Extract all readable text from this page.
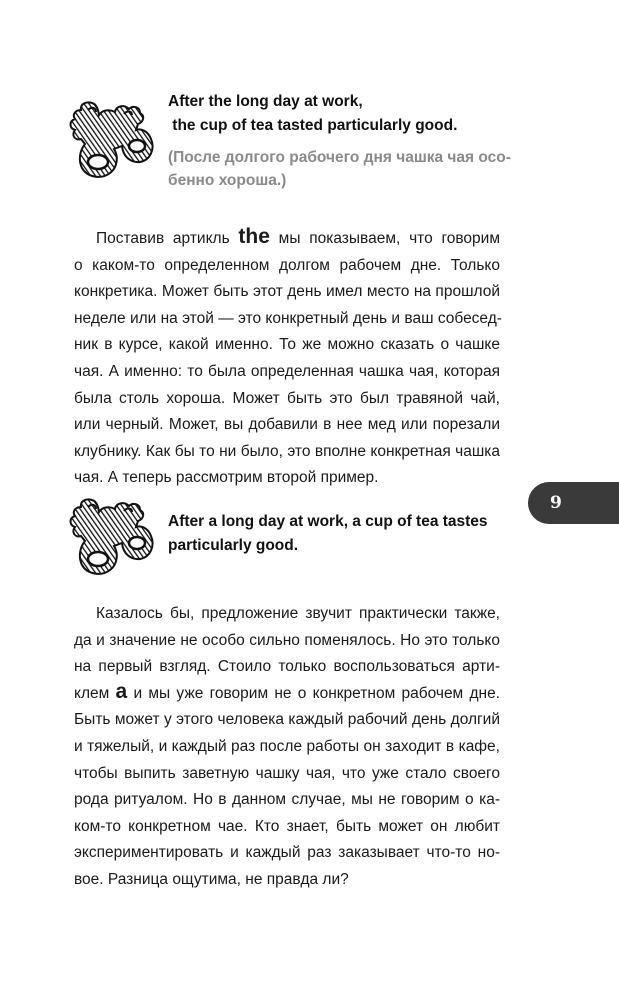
After the long day at work,
the cup of tea tasted particularly good.
(После долгого рабочего дня чашка чая осо-
бенно хороша.)
Поставив артикль the мы показываем, что говорим
о каком-то определенном долгом рабочем дне. Только
конкретика. Может быть этот день имел место на прошлой
неделе или на этой — это конкретный день и ваш собесед-
ник в курсе, какой именно. То же можно сказать о чашке
чая. А именно: то была определенная чашка чая, которая
была столь хороша. Может быть это был травяной чай,
или черный. Может, вы добавили в нее мед или порезали
клубнику. Как бы то ни было, это вполне конкретная чашка
чая. А теперь рассмотрим второй пример.
9
After a long day at work, a cup of tea tastes
particularly good.
Казалось бы, предложение звучит практически также,
да и значение не особо сильно поменялось. Но это только
на первый взгляд. Стоило только воспользоваться арти-
клем a и мы уже говорим не о конкретном рабочем дне.
Быть может у этого человека каждый рабочий день долгий
и тяжелый, и каждый раз после работы он заходит в кафе,
чтобы выпить заветную чашку чая, что уже стало своего
рода ритуалом. Но в данном случае, мы не говорим о ка-
ком-то конкретном чае. Кто знает, быть может он любит
экспериментировать и каждый раз заказывает что-то но-
вое. Разница ощутима, не правда ли?
